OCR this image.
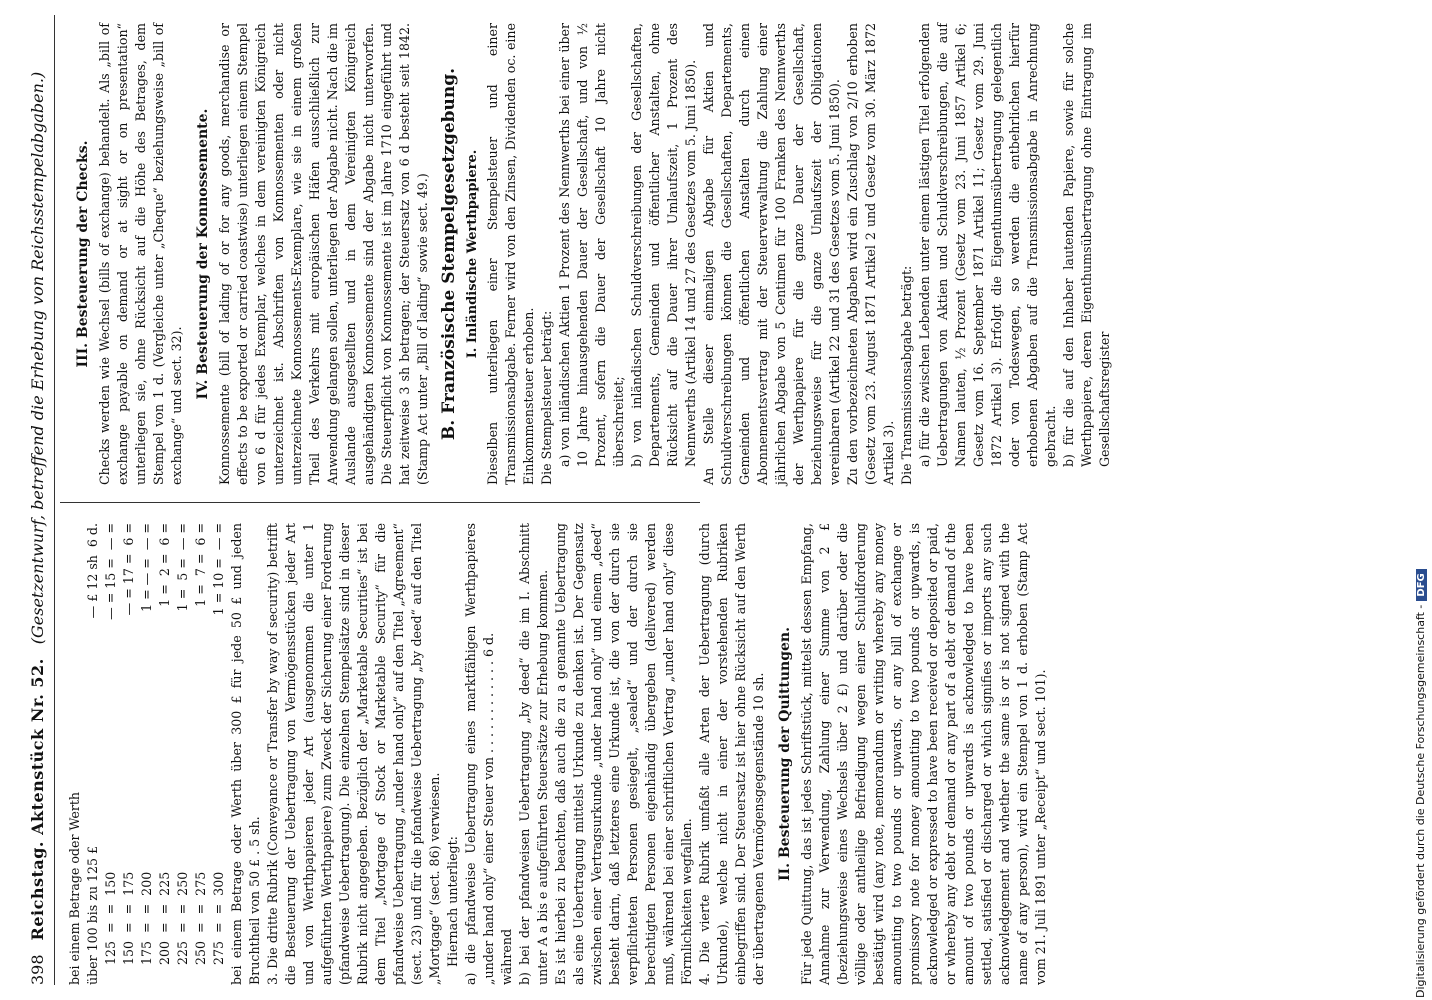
398
Reichstag. Aktenstück Nr. 52.
(Gesetzentwurf, betreffend die Erhebung von Reichsstempelabgaben.)

bei einem Betrage oder Werth über 100 bis zu 125 £
— £ 12 sh  6 d.
125  =  =  150
— = 15 =  — =
150  =  =  175
— = 17 =  6 =
175  =  =  200
1 = — =  — =
200  =  =  225
1 =  2 =  6 =
225  =  =  250
1 =  5 =  — =
250  =  =  275
1 =  7 =  6 =
275  =  =  300
1 = 10 =  — = bei einem Betrage oder Werth über 300 £ für jede 50 £ und jeden Bruchtheil von 50 £ . 5 sh. 3. Die dritte Rubrik (Conveyance or Transfer by way of security) betrifft die Besteuerung der Uebertragung von Vermögensstücken jeder Art und von Werthpapieren jeder Art (ausgenommen die unter 1 aufgeführten Werthpapiere) zum Zweck der Sicherung einer Forderung (pfandweise Uebertragung). Die einzelnen Stempelsätze sind in dieser Rubrik nicht angegeben. Bezüglich der „Marketable Securities“ ist bei dem Titel „Mortgage of Stock or Marketable Security“ für die pfandweise Uebertragung „under hand only“ auf den Titel „Agreement“ (sect. 23) und für die pfandweise Uebertragung „by deed“ auf den Titel „Mortgage“ (sect. 86) verwiesen. Hiernach unterliegt: a) die pfandweise Uebertragung eines marktfähigen Werthpapieres „under hand only“ einer Steuer von . . . . . . . . . . . . 6 d. während b) bei der pfandweisen Uebertragung „by deed“ die im I. Abschnitt unter A a bis e aufgeführten Steuersätze zur Erhebung kommen. Es ist hierbei zu beachten, daß auch die zu a genannte Uebertragung als eine Uebertragung mittelst Urkunde zu denken ist. Der Gegensatz zwischen einer Vertragsurkunde „under hand only“ und einem „deed“ besteht darin, daß letzteres eine Urkunde ist, die von der durch sie verpflichteten Personen gesiegelt, „sealed“ und der durch sie berechtigten Personen eigenhändig übergeben (delivered) werden muß, während bei einer schriftlichen Vertrag „under hand only“ diese Förmlichkeiten wegfallen. 4. Die vierte Rubrik umfaßt alle Arten der Uebertragung (durch Urkunde), welche nicht in einer der vorstehenden Rubriken einbegriffen sind. Der Steuersatz ist hier ohne Rücksicht auf den Werth der übertragenen Vermögensgegenstände 10 sh. II. Besteuerung der Quittungen. Für jede Quittung, das ist jedes Schriftstück, mittelst dessen Empfang, Annahme zur Verwendung, Zahlung einer Summe von 2 £ (beziehungsweise eines Wechsels über 2 £) und darüber oder die völlige oder antheilige Befriedigung wegen einer Schuldforderung bestätigt wird (any note, memorandum or writing whereby any money amounting to two pounds or upwards, or any bill of exchange or promissory note for money amounting to two pounds or upwards, is acknowledged or expressed to have been received or deposited or paid, or whereby any debt or demand or any part of a debt or demand of the amount of two pounds or upwards is acknowledged to have been settled, satisfied or discharged or which signifies or imports any such acknowledgement and whether the same is or is not signed with the name of any person), wird ein Stempel von 1 d. erhoben (Stamp Act vom 21. Juli 1891 unter „Receipt“ und sect. 101).

III. Besteuerung der Checks. Checks werden wie Wechsel (bills of exchange) behandelt. Als „bill of exchange payable on demand or at sight or on presentation“ unterliegen sie, ohne Rücksicht auf die Höhe des Betrages, dem Stempel von 1 d. (Vergleiche unter „Cheque“ beziehungsweise „bill of exchange“ und sect. 32).

IV. Besteuerung der Konnossemente. Konnossemente (bill of lading of or for any goods, merchandise or effects to be exported or carried coastwise) unterliegen einem Stempel von 6 d für jedes Exemplar, welches in dem vereinigten Königreich unterzeichnet ist. Abschriften von Konnossementen oder nicht unterzeichnete Konnossements-Exemplare, wie sie in einem großen Theil des Verkehrs mit europäischen Häfen ausschließlich zur Anwendung gelangen sollen, unterliegen der Abgabe nicht. Nach die im Auslande ausgestellten und in dem Vereinigten Königreich ausgehändigten Konnossemente sind der Abgabe nicht unterworfen. Die Steuerpflicht von Konnossemente ist im Jahre 1710 eingeführt und hat zeitweise 3 sh betragen; der Steuersatz von 6 d besteht seit 1842. (Stamp Act unter „Bill of lading“ sowie sect. 49.) B. Französische Stempelgesetzgebung. I. Inländische Werthpapiere. Dieselben unterliegen einer Stempelsteuer und einer Transmissionsabgabe. Ferner wird von den Zinsen, Dividenden oc. eine Einkommensteuer erhoben. Die Stempelsteuer beträgt: a) von inländischen Aktien 1 Prozent des Nennwerths bei einer über 10 Jahre hinausgehenden Dauer der Gesellschaft, und von ½ Prozent, sofern die Dauer der Gesellschaft 10 Jahre nicht überschreitet; b) von inländischen Schuldverschreibungen der Gesellschaften, Departements, Gemeinden und öffentlicher Anstalten, ohne Rücksicht auf die Dauer ihrer Umlaufszeit, 1 Prozent des Nennwerths (Artikel 14 und 27 des Gesetzes vom 5. Juni 1850). An Stelle dieser einmaligen Abgabe für Aktien und Schuldverschreibungen können die Gesellschaften, Departements, Gemeinden und öffentlichen Anstalten durch einen Abonnementsvertrag mit der Steuerverwaltung die Zahlung einer jährlichen Abgabe von 5 Centimen für 100 Franken des Nennwerths der Werthpapiere für die ganze Dauer der Gesellschaft, beziehungsweise für die ganze Umlaufszeit der Obligationen vereinbaren (Artikel 22 und 31 des Gesetzes vom 5. Juni 1850). Zu den vorbezeichneten Abgaben wird ein Zuschlag von 2/10 erhoben (Gesetz vom 23. August 1871 Artikel 2 und Gesetz vom 30. März 1872 Artikel 3). Die Transmissionsabgabe beträgt: a) für die zwischen Lebenden unter einem lästigen Titel erfolgenden Uebertragungen von Aktien und Schuldverschreibungen, die auf Namen lauten, ½ Prozent (Gesetz vom 23. Juni 1857 Artikel 6; Gesetz vom 16. September 1871 Artikel 11; Gesetz vom 29. Juni 1872 Artikel 3). Erfolgt die Eigenthumsübertragung gelegentlich oder von Todeswegen, so werden die entbehrlichen hierfür erhobenen Abgaben auf die Transmissionsabgabe in Anrechnung gebracht. b) für die auf den Inhaber lautenden Papiere, sowie für solche Werthpapiere, deren Eigenthumsübertragung ohne Eintragung im Gesellschaftsregister

Digitalisierung gefördert durch die Deutsche Forschungsgemeinschaft -DFG
